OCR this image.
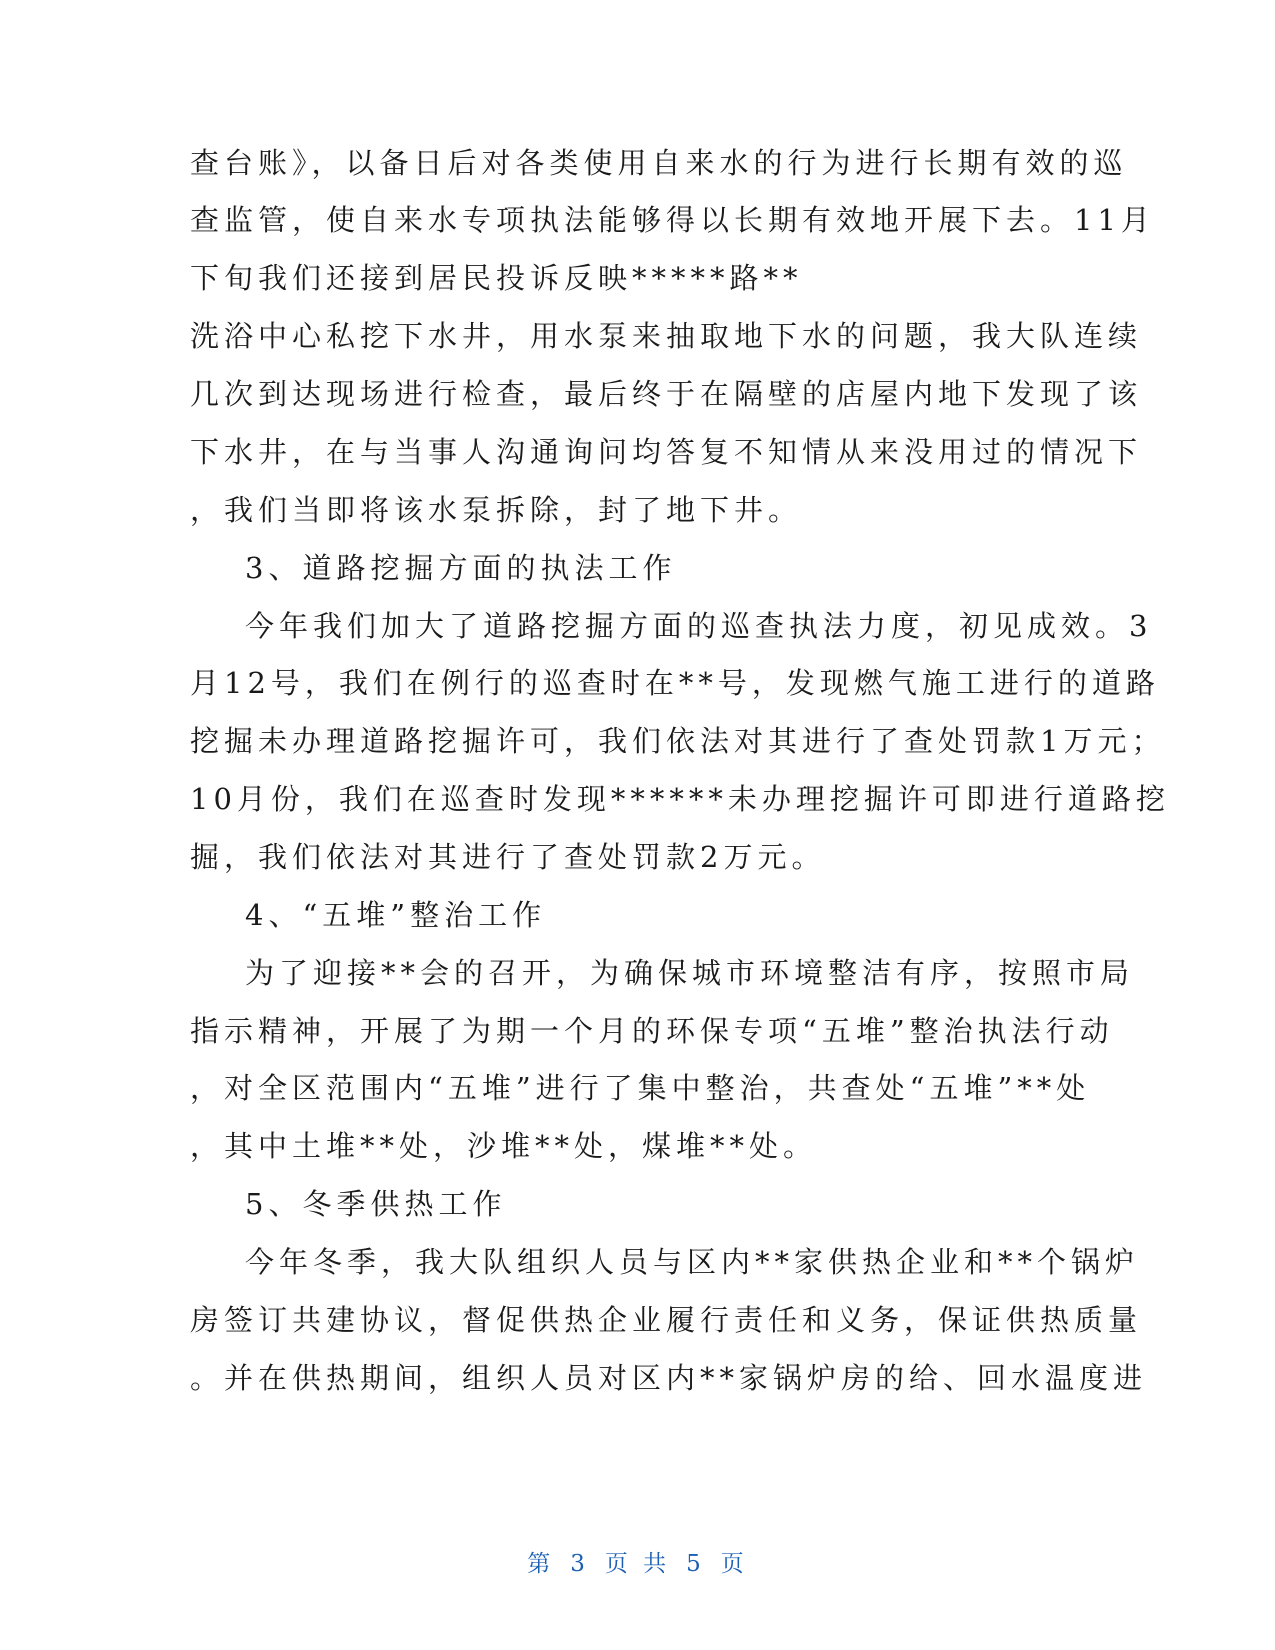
查台账》，以备日后对各类使用自来水的行为进行长期有效的巡
查监管，使自来水专项执法能够得以长期有效地开展下去。11月
下旬我们还接到居民投诉反映*****路**
洗浴中心私挖下水井，用水泵来抽取地下水的问题，我大队连续
几次到达现场进行检查，最后终于在隔壁的店屋内地下发现了该
下水井，在与当事人沟通询问均答复不知情从来没用过的情况下
，我们当即将该水泵拆除，封了地下井。
3、道路挖掘方面的执法工作
今年我们加大了道路挖掘方面的巡查执法力度，初见成效。3
月12号，我们在例行的巡查时在**号，发现燃气施工进行的道路
挖掘未办理道路挖掘许可，我们依法对其进行了查处罚款1万元；
10月份，我们在巡查时发现******未办理挖掘许可即进行道路挖
掘，我们依法对其进行了查处罚款2万元。
4、“五堆”整治工作
为了迎接**会的召开，为确保城市环境整洁有序，按照市局
指示精神，开展了为期一个月的环保专项“五堆”整治执法行动
，对全区范围内“五堆”进行了集中整治，共查处“五堆”**处
，其中土堆**处，沙堆**处，煤堆**处。
5、冬季供热工作
今年冬季，我大队组织人员与区内**家供热企业和**个锅炉
房签订共建协议，督促供热企业履行责任和义务，保证供热质量
。并在供热期间，组织人员对区内**家锅炉房的给、回水温度进
第 3 页 共 5 页
